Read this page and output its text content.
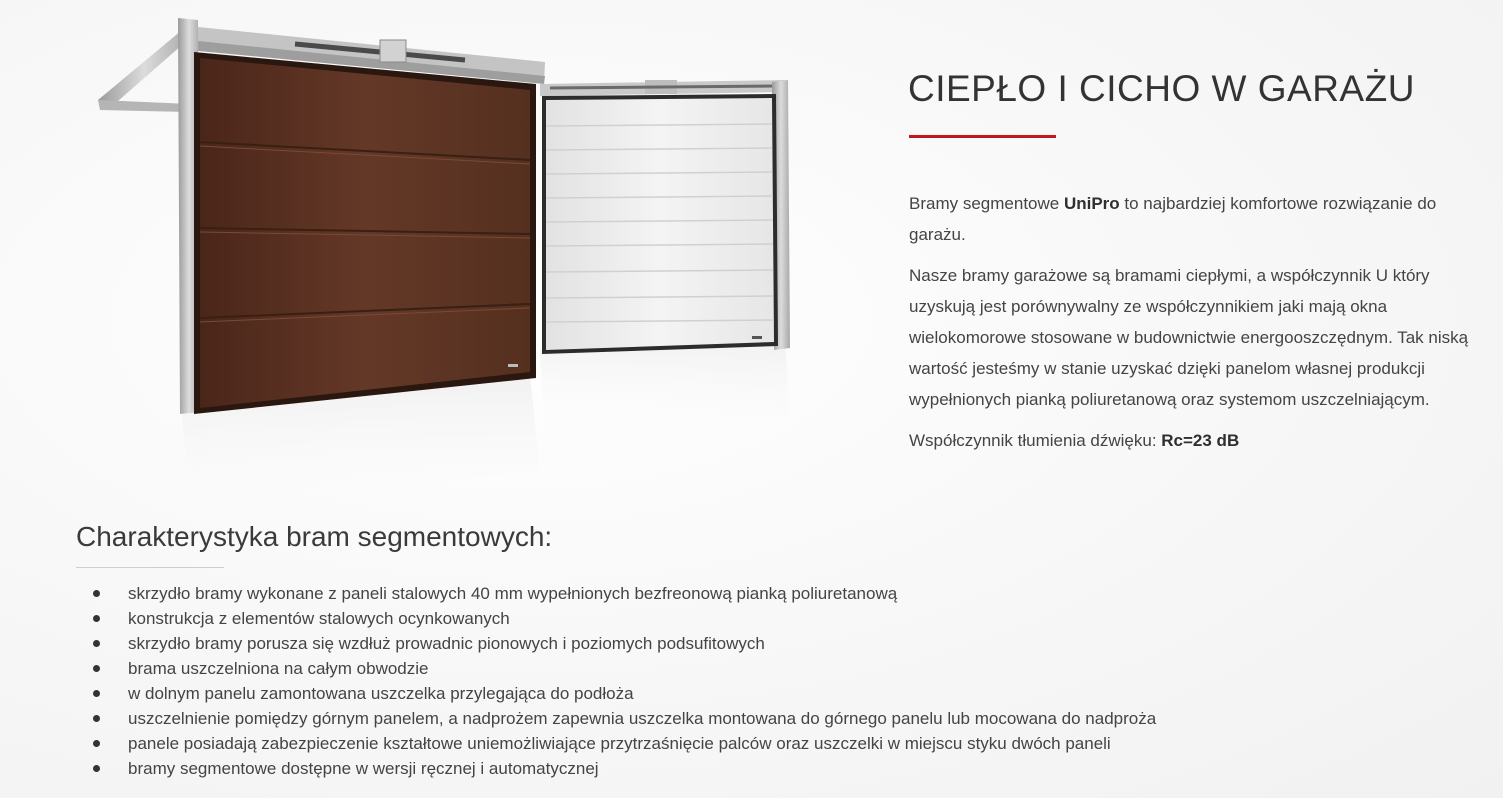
CIEPŁO I CICHO W GARAŻU

Bramy segmentowe UniPro to najbardziej komfortowe rozwiązanie do garażu.

Nasze bramy garażowe są bramami ciepłymi, a współczynnik U który uzyskują jest porównywalny ze współczynnikiem jaki mają okna wielokomorowe stosowane w budownictwie energooszczędnym. Tak niską wartość jesteśmy w stanie uzyskać dzięki panelom własnej produkcji wypełnionych pianką poliuretanową oraz systemom uszczelniającym.

Współczynnik tłumienia dźwięku: Rc=23 dB

Charakterystyka bram segmentowych:
skrzydło bramy wykonane z paneli stalowych 40 mm wypełnionych bezfreonową pianką poliuretanową
konstrukcja z elementów stalowych ocynkowanych
skrzydło bramy porusza się wzdłuż prowadnic pionowych i poziomych podsufitowych
brama uszczelniona na całym obwodzie
w dolnym panelu zamontowana uszczelka przylegająca do podłoża
uszczelnienie pomiędzy górnym panelem, a nadprożem zapewnia uszczelka montowana do górnego panelu lub mocowana do nadproża
panele posiadają zabezpieczenie kształtowe uniemożliwiające przytrzaśnięcie palców oraz uszczelki w miejscu styku dwóch paneli
bramy segmentowe dostępne w wersji ręcznej i automatycznej
